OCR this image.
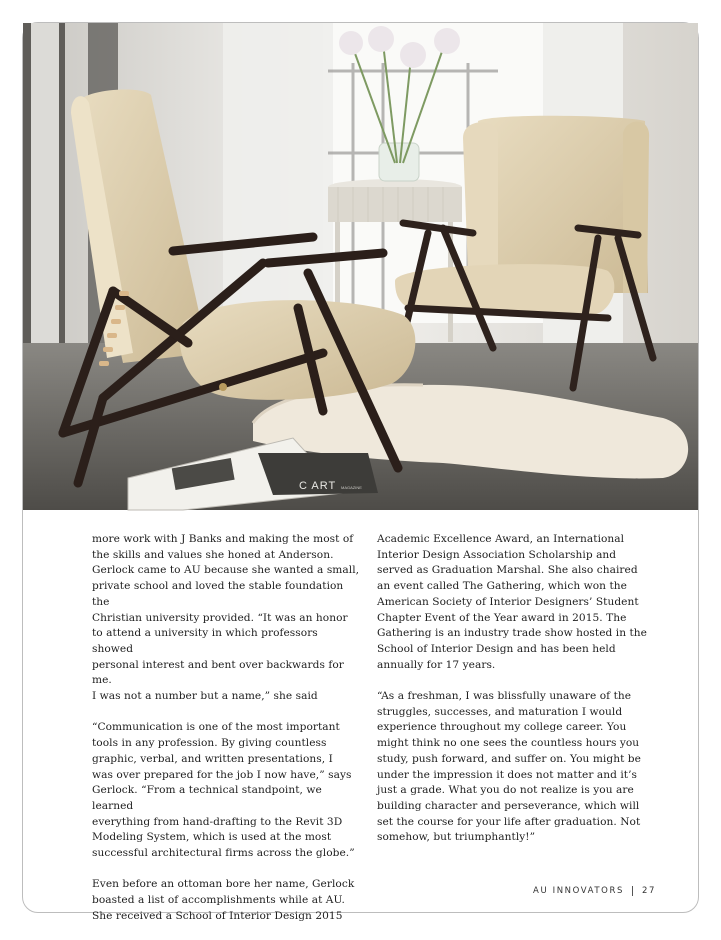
C ART MAGAZINE

more work with J Banks and making the most of
the skills and values she honed at Anderson.
Gerlock came to AU because she wanted a small,
private school and loved the stable foundation the
Christian university provided. “It was an honor
to attend a university in which professors showed
personal interest and bent over backwards for me.
I was not a number but a name,” she said

“Communication is one of the most important
tools in any profession. By giving countless
graphic, verbal, and written presentations, I
was over prepared for the job I now have,” says
Gerlock. “From a technical standpoint, we learned
everything from hand-drafting to the Revit 3D
Modeling System, which is used at the most
successful architectural firms across the globe.”

Even before an ottoman bore her name, Gerlock
boasted a list of accomplishments while at AU.
She received a School of Interior Design 2015

Academic Excellence Award, an International
Interior Design Association Scholarship and
served as Graduation Marshal. She also chaired
an event called The Gathering, which won the
American Society of Interior Designers’ Student
Chapter Event of the Year award in 2015. The
Gathering is an industry trade show hosted in the
School of Interior Design and has been held
annually for 17 years.

“As a freshman, I was blissfully unaware of the
struggles, successes, and maturation I would
experience throughout my college career. You
might think no one sees the countless hours you
study, push forward, and suffer on. You might be
under the impression it does not matter and it’s
just a grade. What you do not realize is you are
building character and perseverance, which will
set the course for your life after graduation. Not
somehow, but triumphantly!”

AU INNOVATORS 27
